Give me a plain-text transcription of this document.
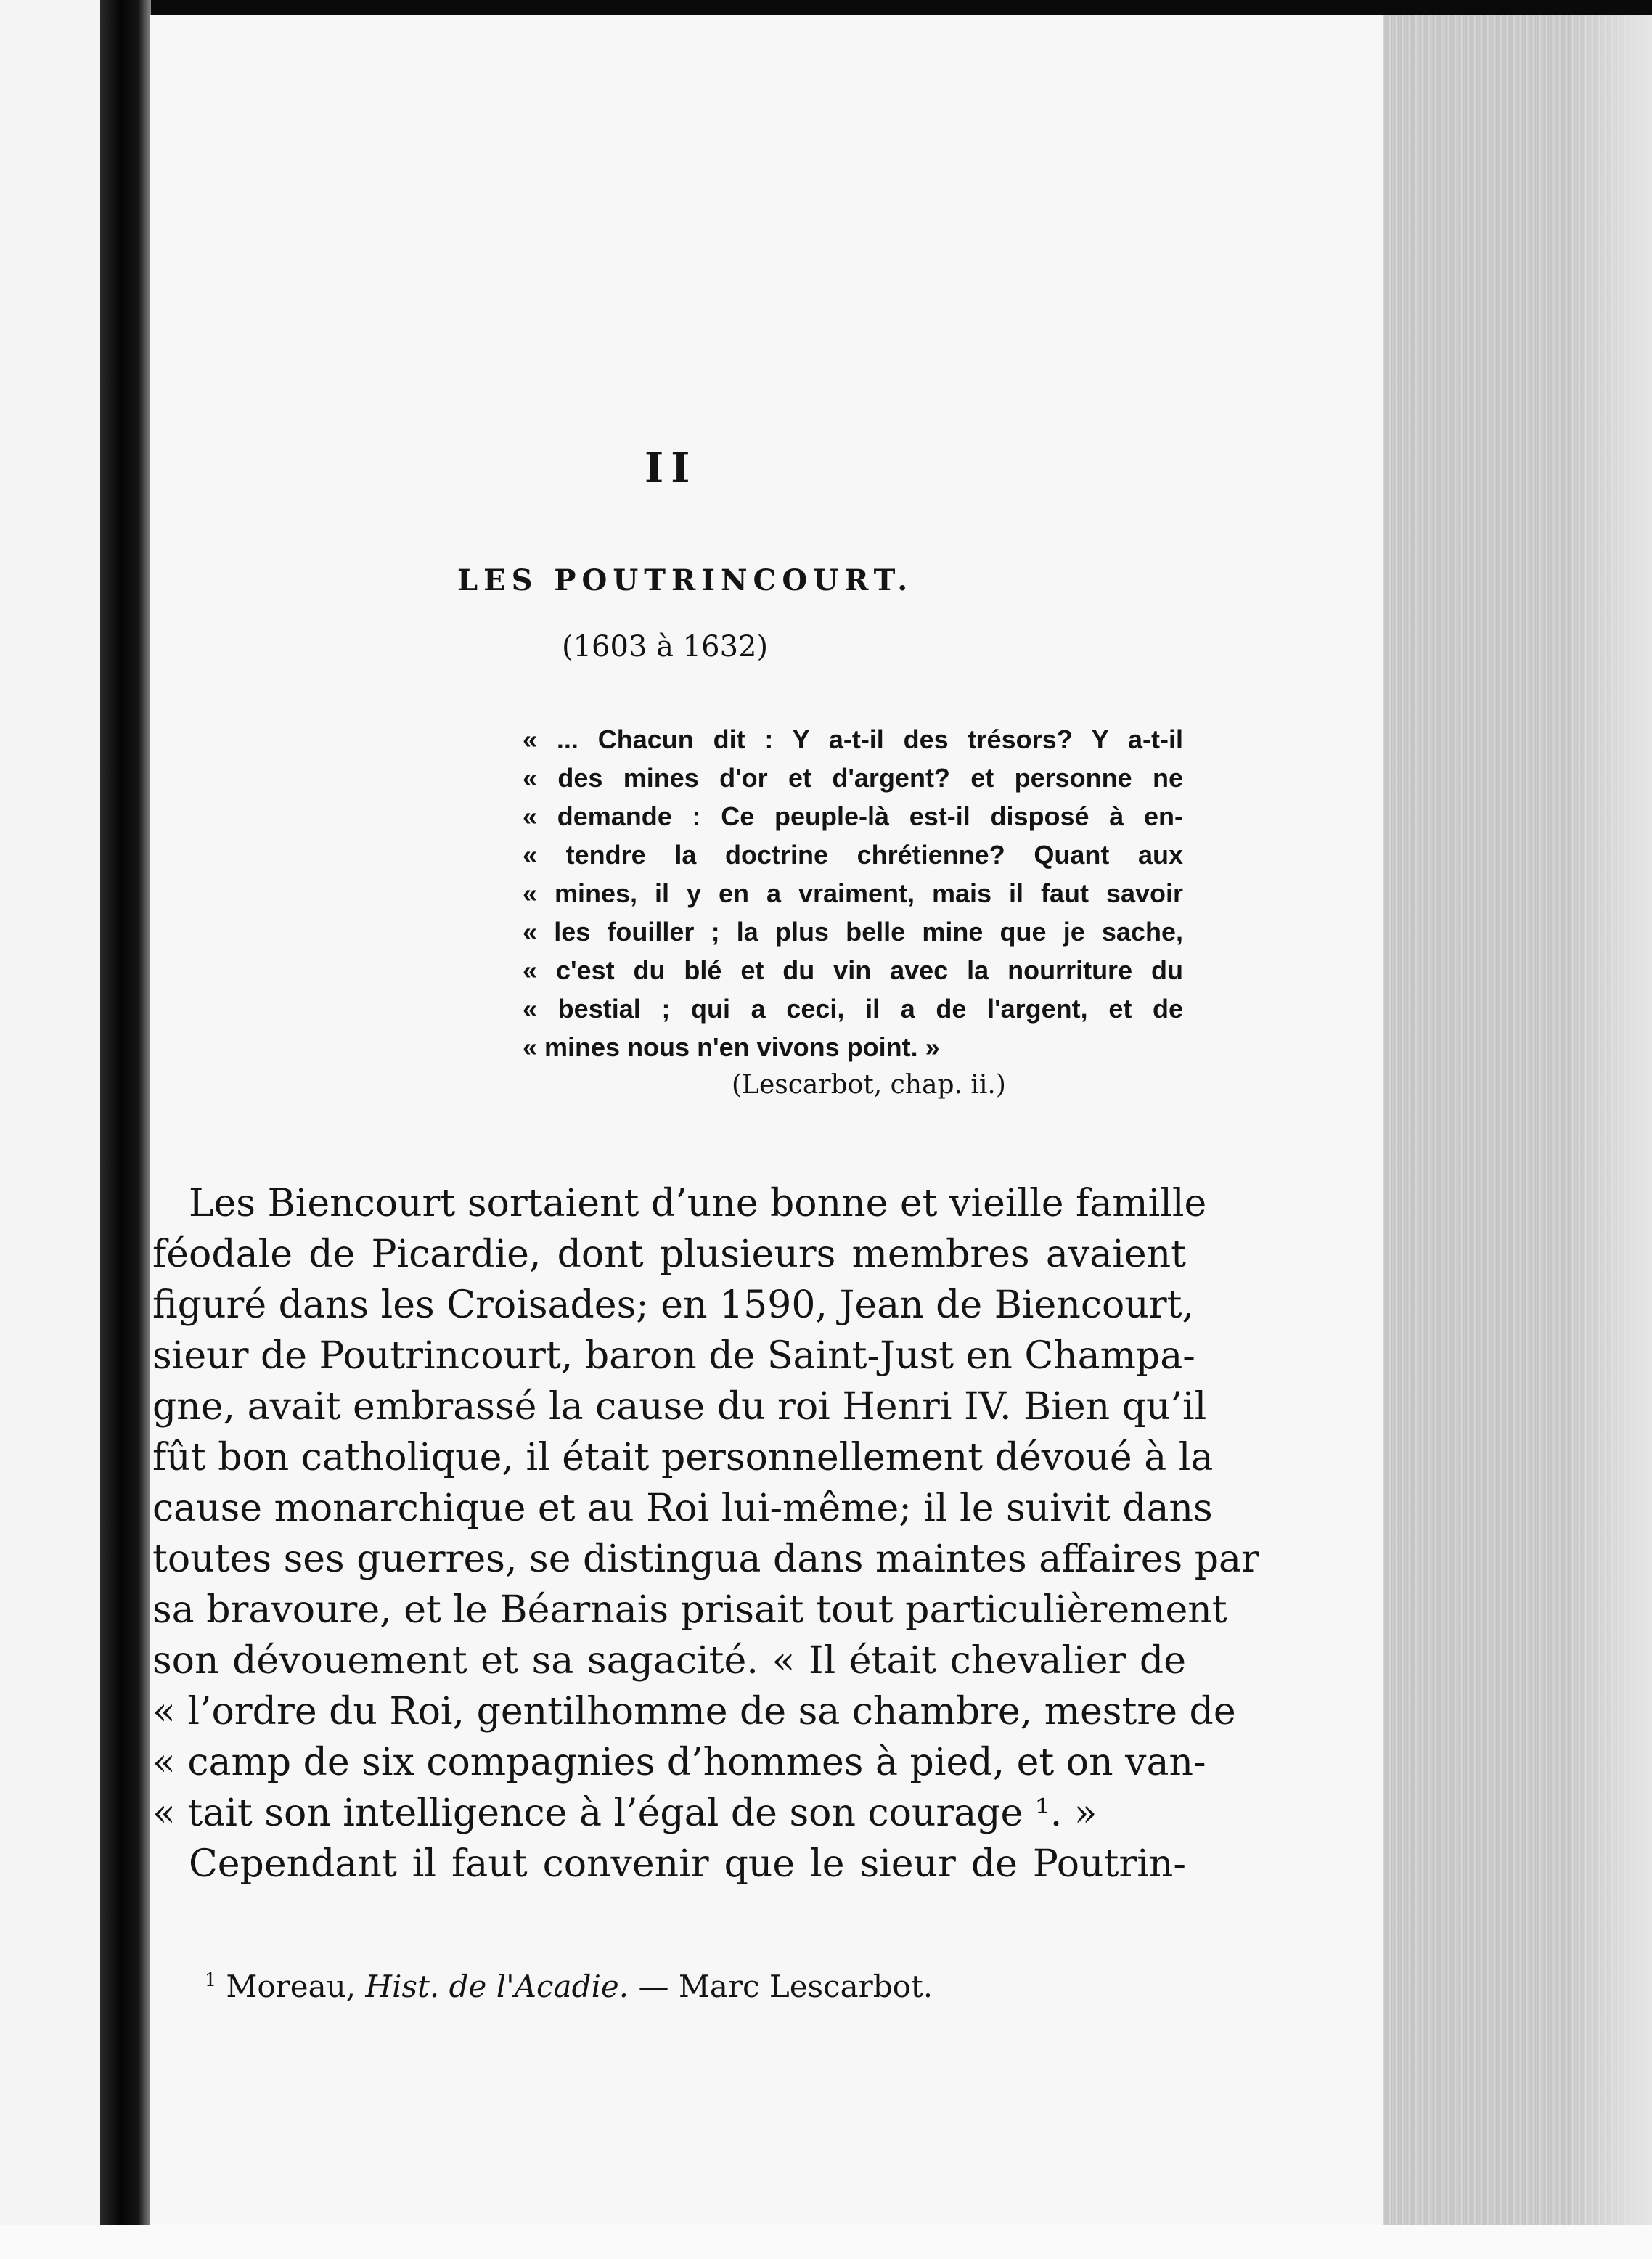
II
LES POUTRINCOURT.
(1603 à 1632)
« ... Chacun dit : Y a-t-il des trésors? Y a-t-il
« des mines d'or et d'argent? et personne ne
« demande : Ce peuple-là est-il disposé à en-
« tendre la doctrine chrétienne? Quant aux
« mines, il y en a vraiment, mais il faut savoir
« les fouiller ; la plus belle mine que je sache,
« c'est du blé et du vin avec la nourriture du
« bestial ; qui a ceci, il a de l'argent, et de
« mines nous n'en vivons point. »
(Lescarbot, chap. ii.)
Les Biencourt sortaient d’une bonne et vieille famille
féodale de Picardie, dont plusieurs membres avaient
figuré dans les Croisades; en 1590, Jean de Biencourt,
sieur de Poutrincourt, baron de Saint-Just en Champa-
gne, avait embrassé la cause du roi Henri IV. Bien qu’il
fût bon catholique, il était personnellement dévoué à la
cause monarchique et au Roi lui-même; il le suivit dans
toutes ses guerres, se distingua dans maintes affaires par
sa bravoure, et le Béarnais prisait tout particulièrement
son dévouement et sa sagacité. « Il était chevalier de
« l’ordre du Roi, gentilhomme de sa chambre, mestre de
« camp de six compagnies d’hommes à pied, et on van-
« tait son intelligence à l’égal de son courage ¹. »
Cependant il faut convenir que le sieur de Poutrin-
$^1$ Moreau, Hist. de l'Acadie. — Marc Lescarbot.
